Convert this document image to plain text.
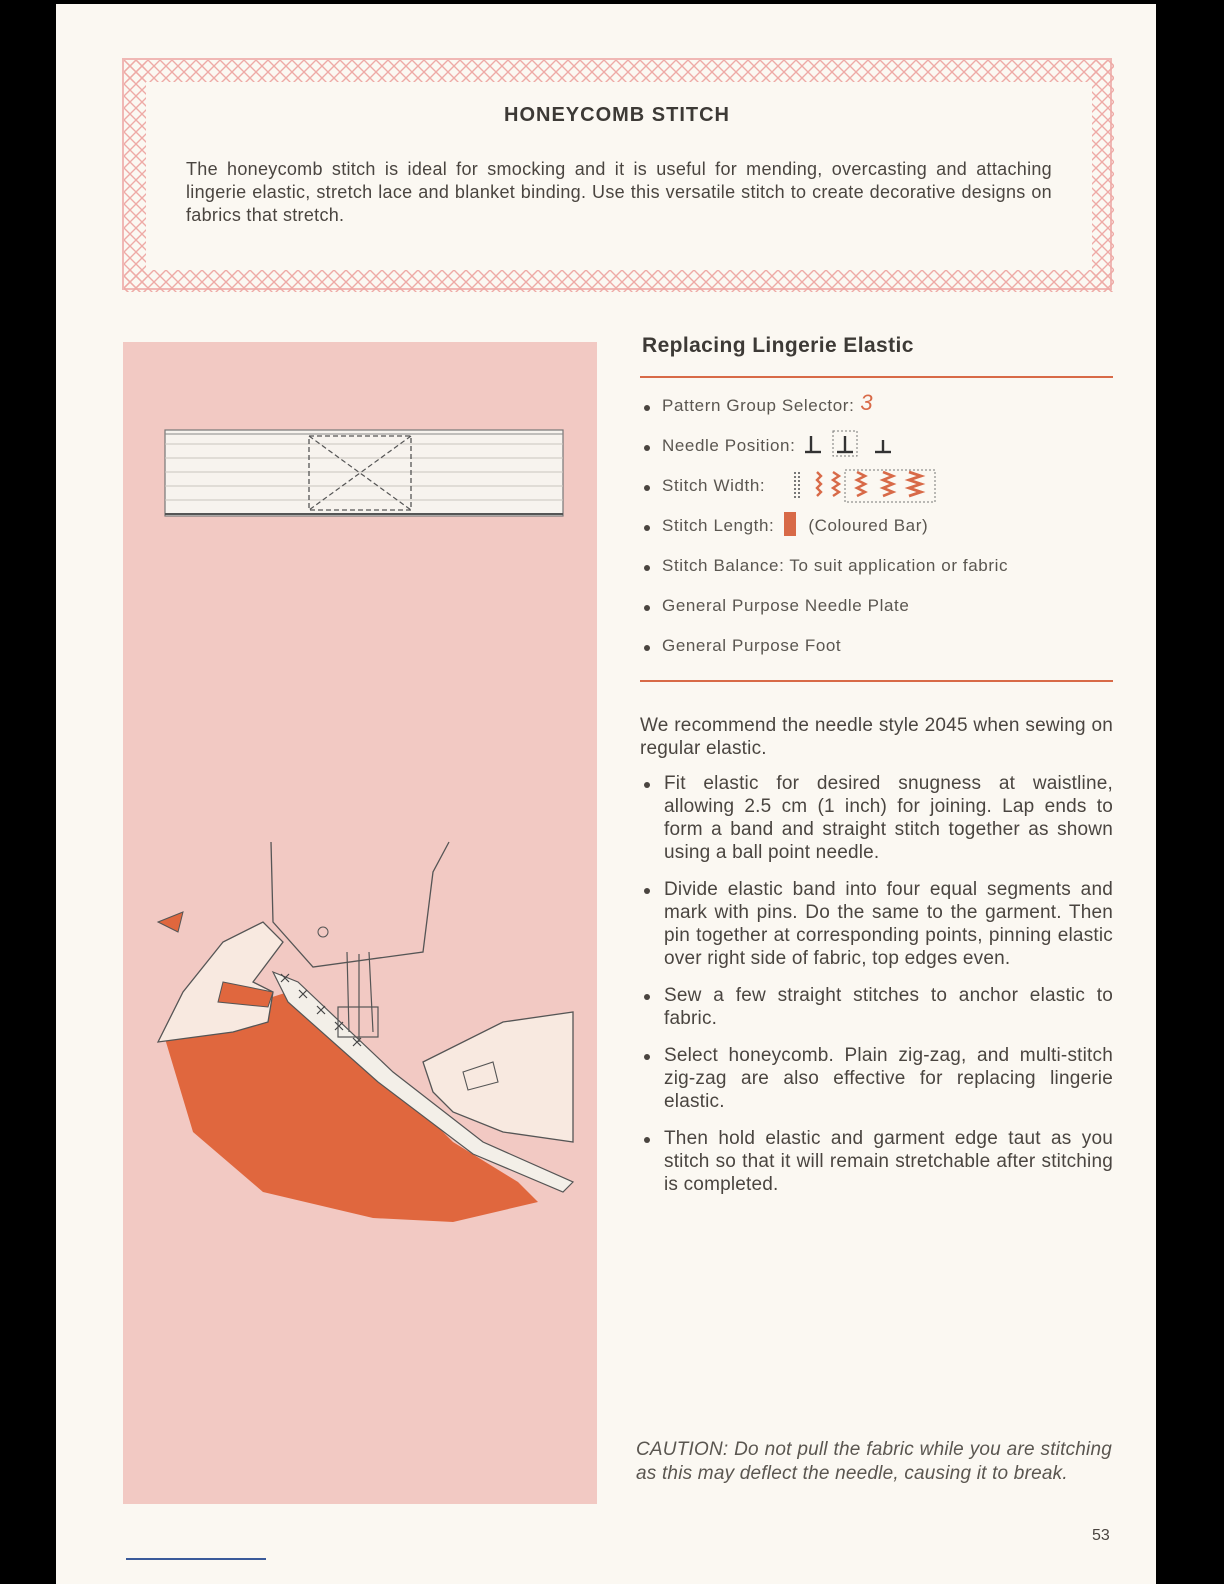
HONEYCOMB STITCH
The honeycomb stitch is ideal for smocking and it is useful for mending, overcasting and attaching lingerie elastic, stretch lace and blanket binding. Use this versatile stitch to create decorative designs on fabrics that stretch.
Replacing Lingerie Elastic
Pattern Group Selector: 3
Needle Position:
Stitch Width:
Stitch Length: (Coloured Bar)
Stitch Balance: To suit application or fabric
General Purpose Needle Plate
General Purpose Foot
We recommend the needle style 2045 when sewing on regular elastic.
Fit elastic for desired snugness at waistline, allowing 2.5 cm (1 inch) for joining. Lap ends to form a band and straight stitch together as shown using a ball point needle.
Divide elastic band into four equal segments and mark with pins. Do the same to the garment. Then pin together at corresponding points, pinning elastic over right side of fabric, top edges even.
Sew a few straight stitches to anchor elastic to fabric.
Select honeycomb. Plain zig-zag, and multi-stitch zig-zag are also effective for replacing lingerie elastic.
Then hold elastic and garment edge taut as you stitch so that it will remain stretchable after stitching is completed.
CAUTION: Do not pull the fabric while you are stitching as this may deflect the needle, causing it to break.
53
